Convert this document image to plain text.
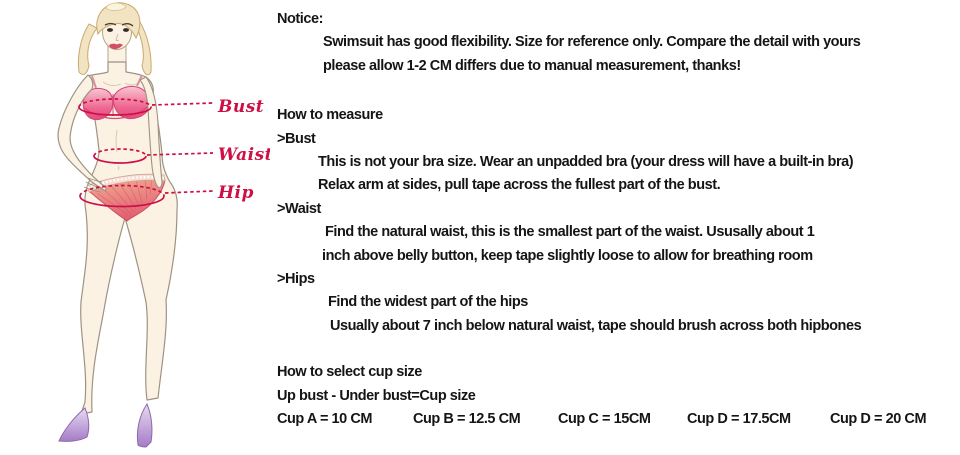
Bust
Waist
Hip
Notice:
Swimsuit has good flexibility. Size for reference only. Compare the detail with yours
please allow 1-2 CM differs due to manual measurement, thanks!
How to measure
>Bust
This is not your bra size. Wear an unpadded bra (your dress will have a built-in bra)
Relax arm at sides, pull tape across the fullest part of the bust.
>Waist
Find the natural waist, this is the smallest part of the waist. Ususally about 1
inch above belly button, keep tape slightly loose to allow for breathing room
>Hips
Find the widest part of the hips
Usually about 7 inch below natural waist, tape should brush across both hipbones
How to select cup size
Up bust - Under bust=Cup size
Cup A = 10 CM	Cup B = 12.5 CM	Cup C = 15CM	Cup D = 17.5CM	Cup D = 20 CM
